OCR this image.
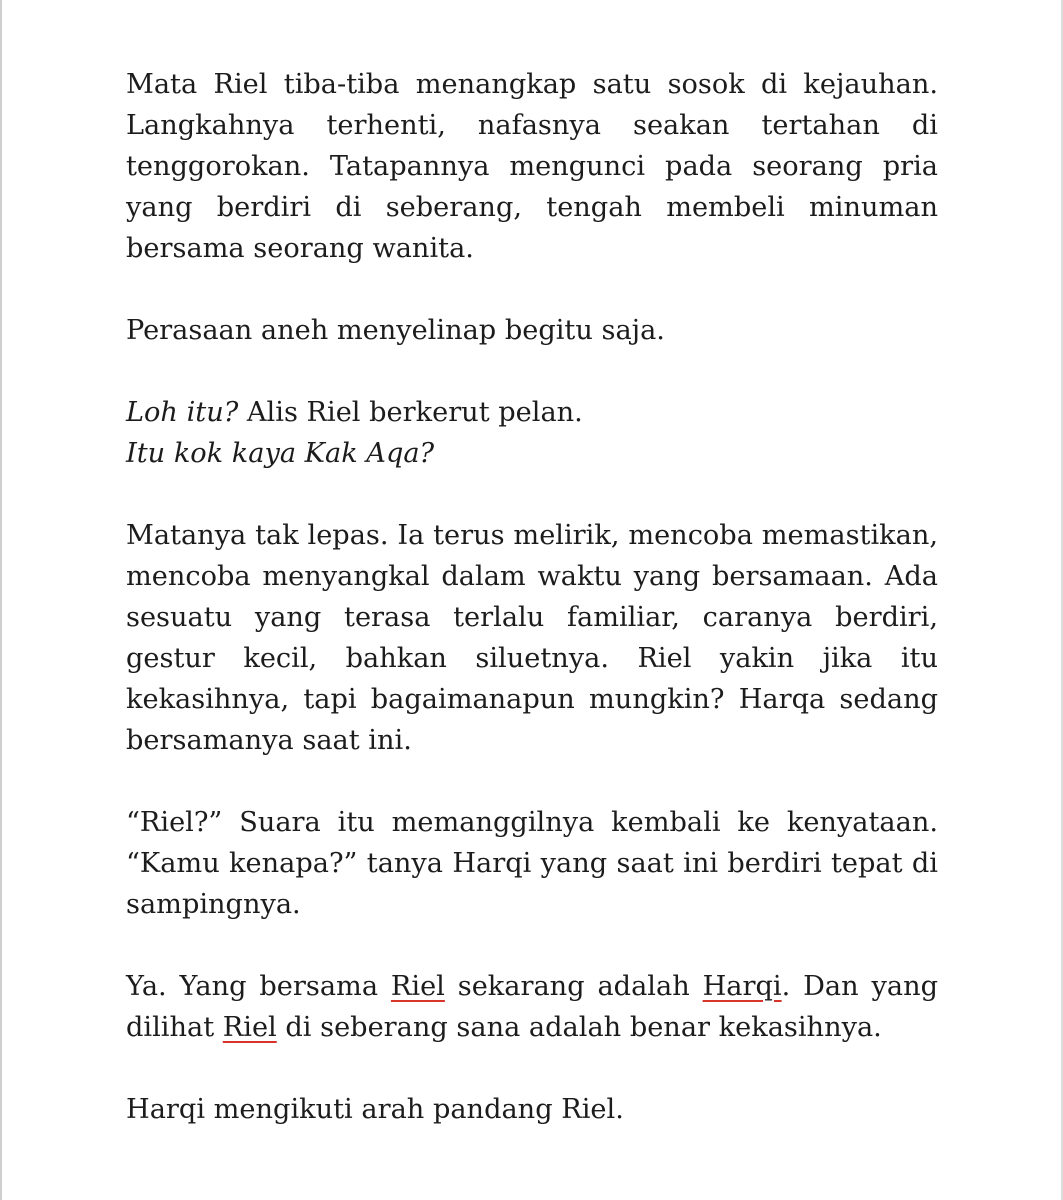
Mata Riel tiba-tiba menangkap satu sosok di kejauhan. Langkahnya terhenti, nafasnya seakan tertahan di tenggorokan. Tatapannya mengunci pada seorang pria yang berdiri di seberang, tengah membeli minuman bersama seorang wanita.

Perasaan aneh menyelinap begitu saja.

Loh itu? Alis Riel berkerut pelan.
Itu kok kaya Kak Aqa?

Matanya tak lepas. Ia terus melirik, mencoba memastikan, mencoba menyangkal dalam waktu yang bersamaan. Ada sesuatu yang terasa terlalu familiar, caranya berdiri, gestur kecil, bahkan siluetnya. Riel yakin jika itu kekasihnya, tapi bagaimanapun mungkin? Harqa sedang bersamanya saat ini.

“Riel?” Suara itu memanggilnya kembali ke kenyataan. “Kamu kenapa?” tanya Harqi yang saat ini berdiri tepat di sampingnya.

Ya. Yang bersama Riel sekarang adalah Harqi. Dan yang dilihat Riel di seberang sana adalah benar kekasihnya.

Harqi mengikuti arah pandang Riel.
